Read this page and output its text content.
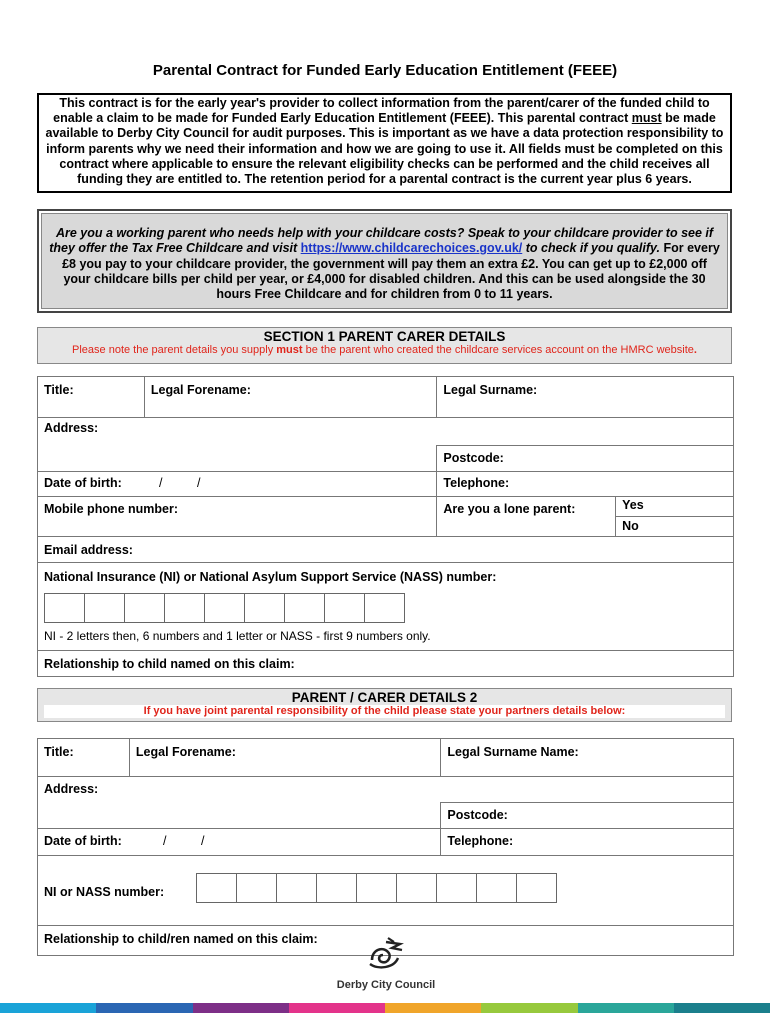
Parental Contract for Funded Early Education Entitlement (FEEE)
This contract is for the early year's provider to collect information from the parent/carer of the funded child to enable a claim to be made for Funded Early Education Entitlement (FEEE). This parental contract must be made available to Derby City Council for audit purposes. This is important as we have a data protection responsibility to inform parents why we need their information and how we are going to use it. All fields must be completed on this contract where applicable to ensure the relevant eligibility checks can be performed and the child receives all funding they are entitled to. The retention period for a parental contract is the current year plus 6 years.
Are you a working parent who needs help with your childcare costs? Speak to your childcare provider to see if they offer the Tax Free Childcare and visit https://www.childcarechoices.gov.uk/ to check if you qualify. For every £8 you pay to your childcare provider, the government will pay them an extra £2. You can get up to £2,000 off your childcare bills per child per year, or £4,000 for disabled children. And this can be used alongside the 30 hours Free Childcare and for children from 0 to 11 years.
SECTION 1 PARENT CARER DETAILS
Please note the parent details you supply must be the parent who created the childcare services account on the HMRC website.
Title:	Legal Forename:	Legal Surname:	
Address:			
		Postcode:	
Date of birth: / /		Telephone:	
Mobile phone number:		Are you a lone parent:	Yes
			No
Email address:			
National Insurance (NI) or National Asylum Support Service (NASS) number:
NI - 2 letters then, 6 numbers and 1 letter or NASS - first 9 numbers only.			

Relationship to child named on this claim:			
PARENT / CARER DETAILS 2
If you have joint parental responsibility of the child please state your partners details below:
Title:	Legal Forename:	Legal Surname Name:
Address:		
		Postcode:
Date of birth: / /		Telephone:

NI or NASS number:		

Relationship to child/ren named on this claim:		
Derby City Council
